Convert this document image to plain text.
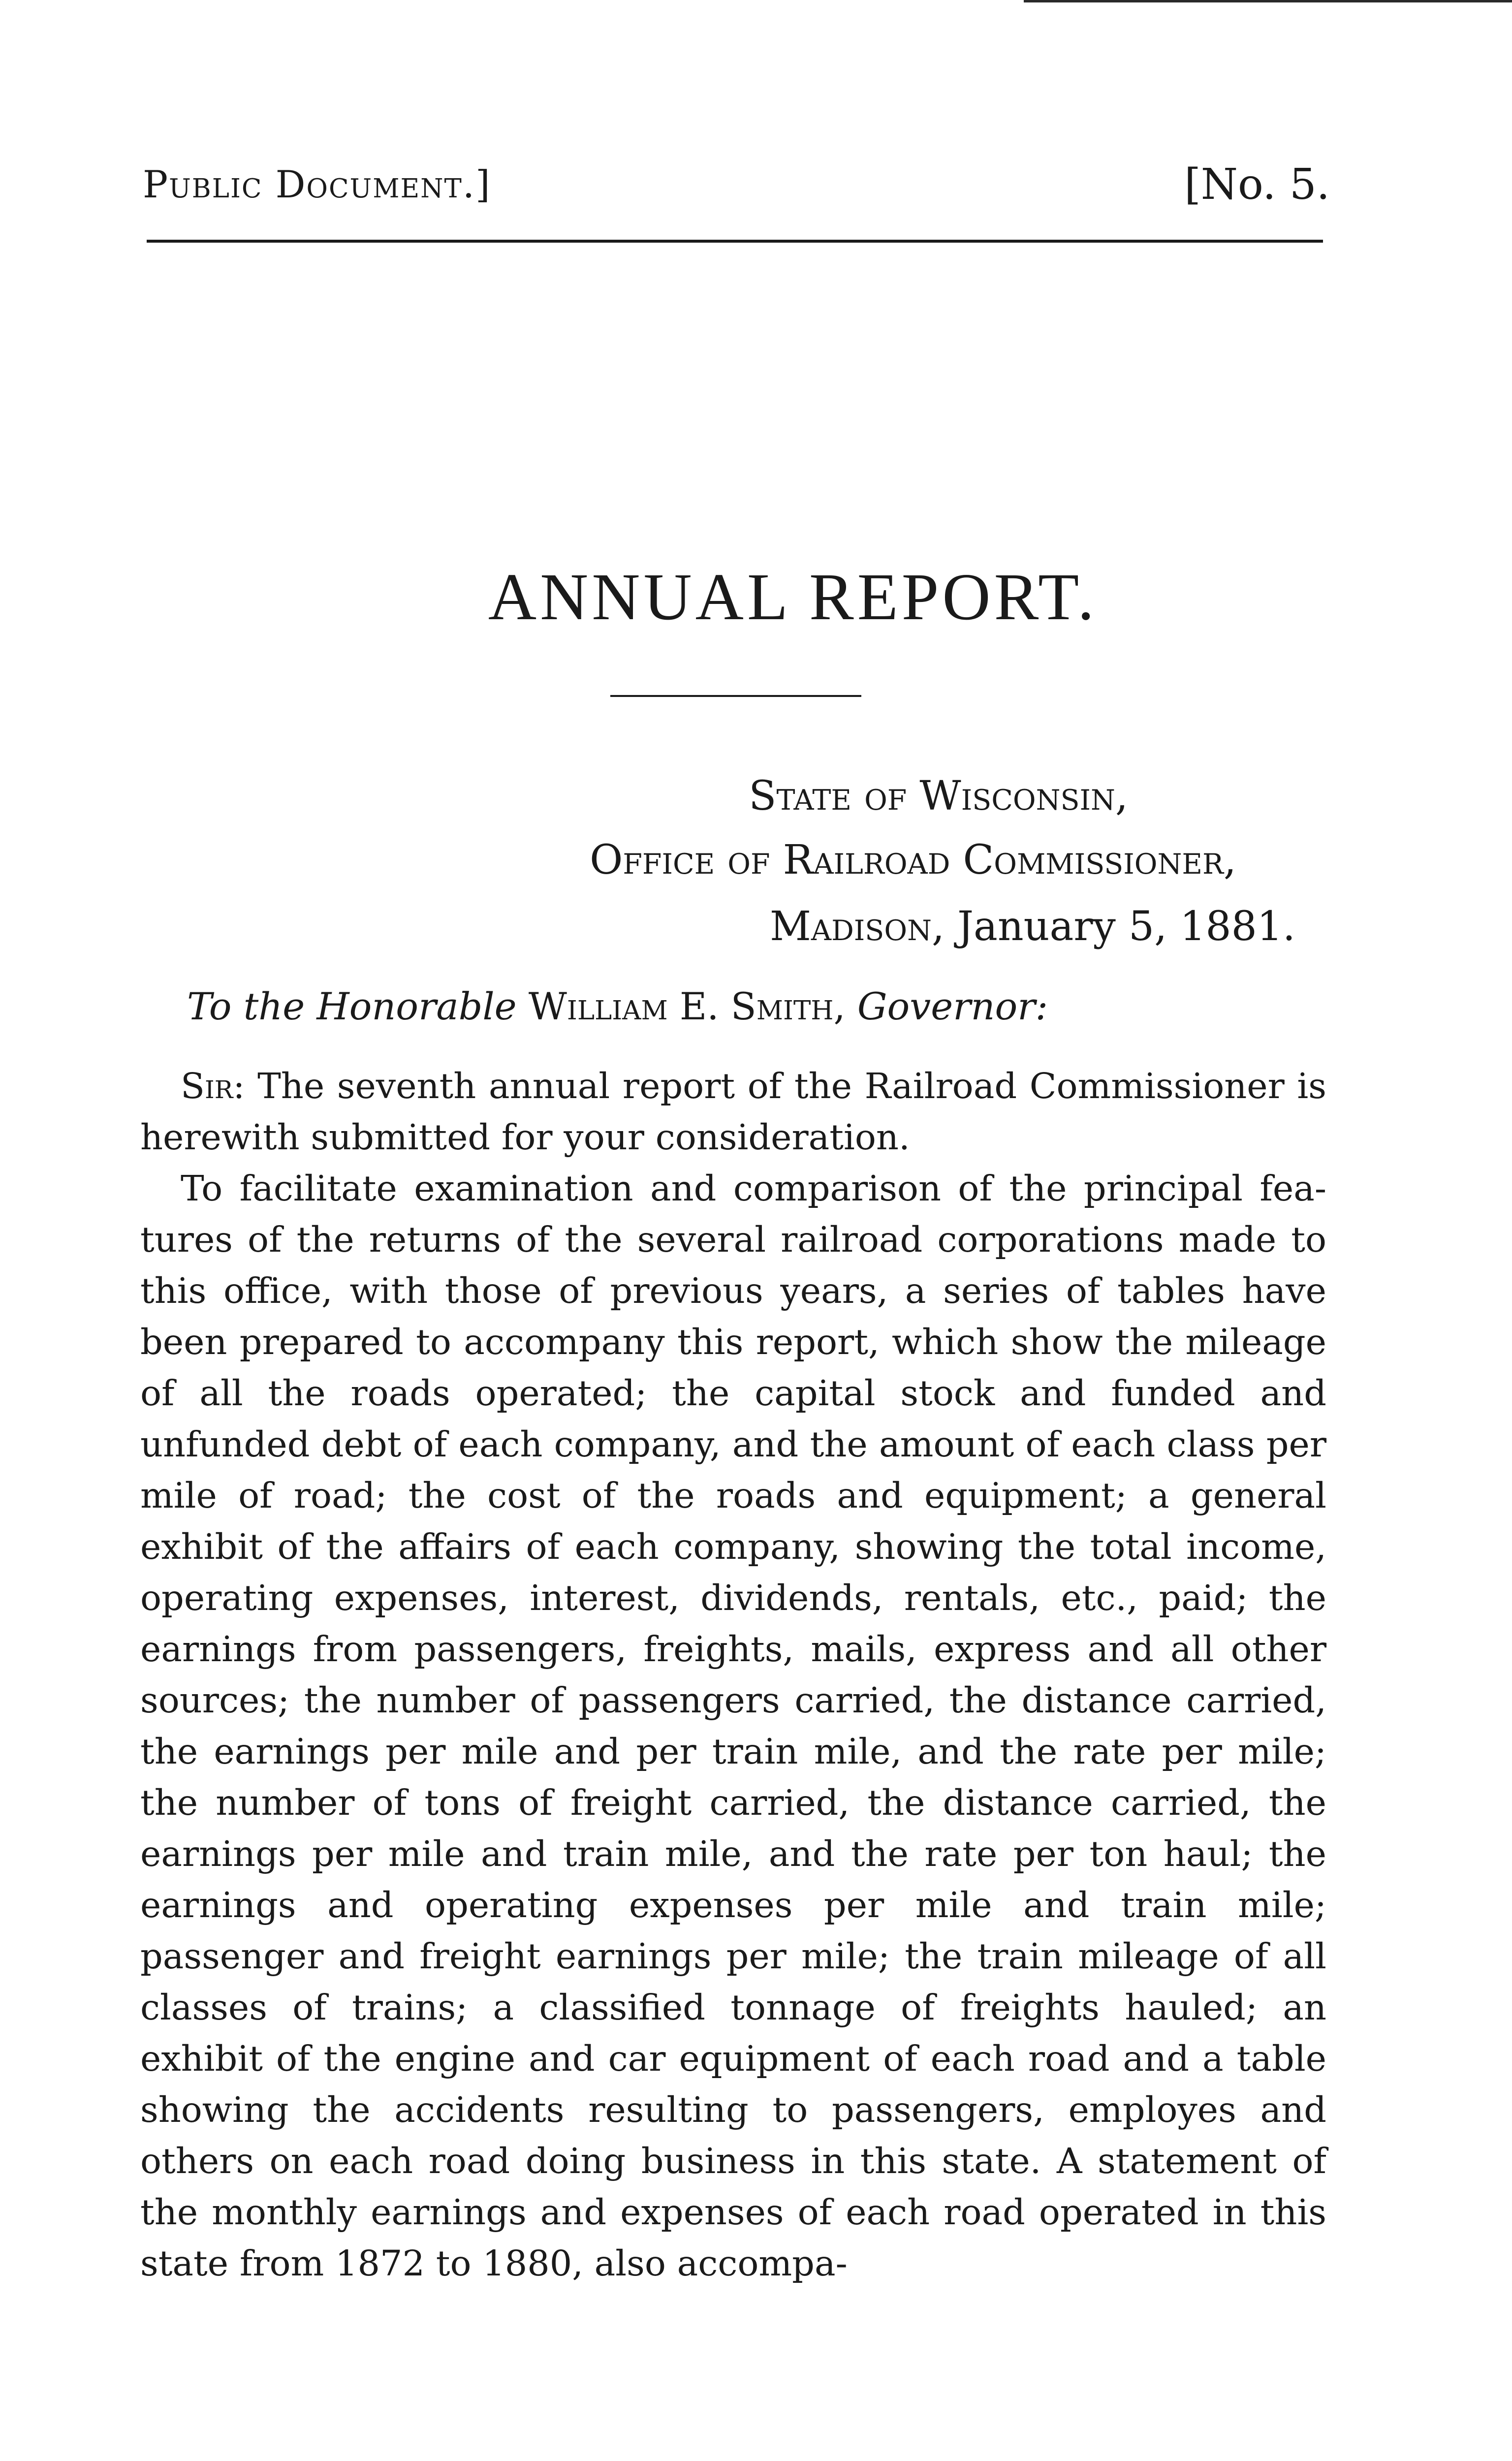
Public Document.]	[No. 5.
ANNUAL REPORT.
State of Wisconsin,
Office of Railroad Commissioner,
Madison, January 5, 1881.
To the Honorable William E. Smith, Governor:

Sir: The seventh annual report of the Railroad Commissioner is herewith submitted for your consideration.

To facilitate examination and comparison of the principal features of the returns of the several railroad corporations made to this office, with those of previous years, a series of tables have been prepared to accompany this report, which show the mileage of all the roads operated; the capital stock and funded and unfunded debt of each company, and the amount of each class per mile of road; the cost of the roads and equipment; a general exhibit of the affairs of each company, showing the total income, operating expenses, interest, dividends, rentals, etc., paid; the earnings from passengers, freights, mails, express and all other sources; the number of passengers carried, the distance carried, the earnings per mile and per train mile, and the rate per mile; the number of tons of freight carried, the distance carried, the earnings per mile and train mile, and the rate per ton haul; the earnings and operating expenses per mile and train mile; passenger and freight earnings per mile; the train mileage of all classes of trains; a classified tonnage of freights hauled; an exhibit of the engine and car equipment of each road and a table showing the accidents resulting to passengers, employes and others on each road doing business in this state. A statement of the monthly earnings and expenses of each road operated in this state from 1872 to 1880, also accompa-
